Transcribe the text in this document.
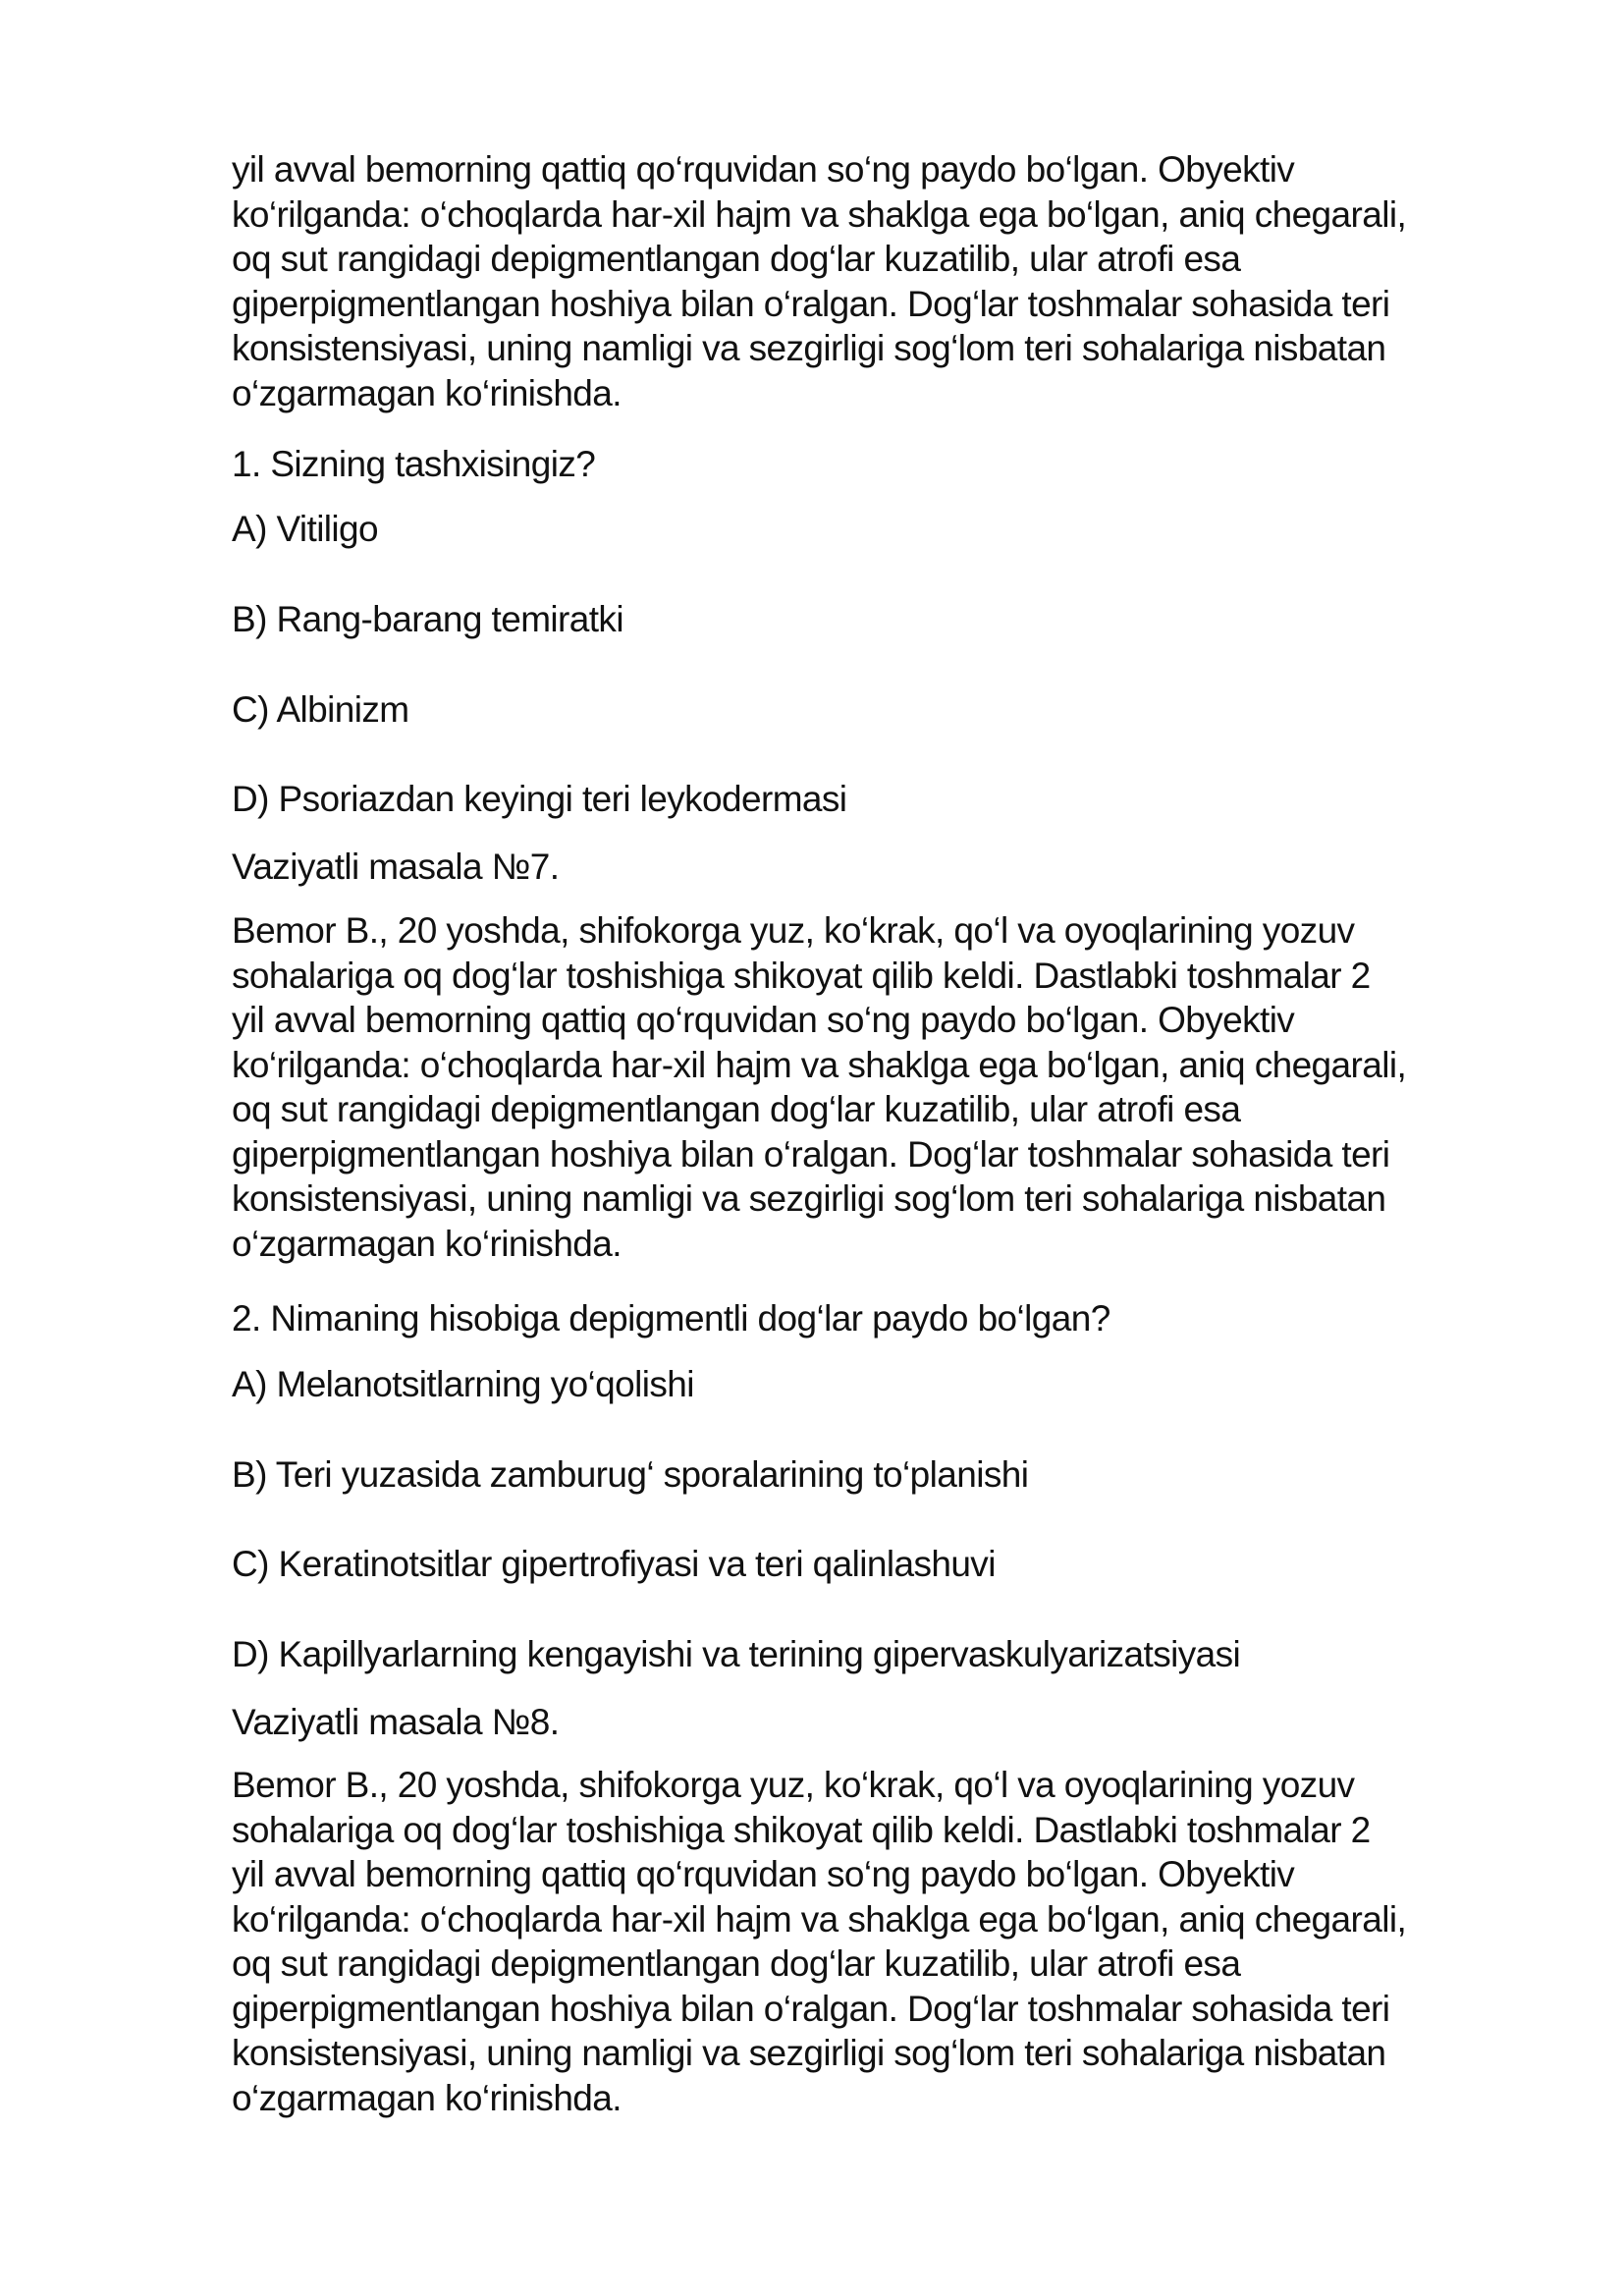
yil avval bemorning qattiq qo‘rquvidan so‘ng paydo bo‘lgan. Obyektiv
ko‘rilganda: o‘choqlarda har-xil hajm va shaklga ega bo‘lgan, aniq chegarali,
oq sut rangidagi depigmentlangan dog‘lar kuzatilib, ular atrofi esa
giperpigmentlangan hoshiya bilan o‘ralgan. Dog‘lar toshmalar sohasida teri
konsistensiyasi, uning namligi va sezgirligi sog‘lom teri sohalariga nisbatan
o‘zgarmagan ko‘rinishda.
1. Sizning tashxisingiz?
A) Vitiligo
B) Rang-barang temiratki
C) Albinizm
D) Psoriazdan keyingi teri leykodermasi
Vaziyatli masala №7.
Bemor B., 20 yoshda, shifokorga yuz, ko‘krak, qo‘l va oyoqlarining yozuv
sohalariga oq dog‘lar toshishiga shikoyat qilib keldi. Dastlabki toshmalar 2
yil avval bemorning qattiq qo‘rquvidan so‘ng paydo bo‘lgan. Obyektiv
ko‘rilganda: o‘choqlarda har-xil hajm va shaklga ega bo‘lgan, aniq chegarali,
oq sut rangidagi depigmentlangan dog‘lar kuzatilib, ular atrofi esa
giperpigmentlangan hoshiya bilan o‘ralgan. Dog‘lar toshmalar sohasida teri
konsistensiyasi, uning namligi va sezgirligi sog‘lom teri sohalariga nisbatan
o‘zgarmagan ko‘rinishda.
2. Nimaning hisobiga depigmentli dog‘lar paydo bo‘lgan?
A) Melanotsitlarning yo‘qolishi
B) Teri yuzasida zamburug‘ sporalarining to‘planishi
C) Keratinotsitlar gipertrofiyasi va teri qalinlashuvi
D) Kapillyarlarning kengayishi va terining gipervaskulyarizatsiyasi
Vaziyatli masala №8.
Bemor B., 20 yoshda, shifokorga yuz, ko‘krak, qo‘l va oyoqlarining yozuv
sohalariga oq dog‘lar toshishiga shikoyat qilib keldi. Dastlabki toshmalar 2
yil avval bemorning qattiq qo‘rquvidan so‘ng paydo bo‘lgan. Obyektiv
ko‘rilganda: o‘choqlarda har-xil hajm va shaklga ega bo‘lgan, aniq chegarali,
oq sut rangidagi depigmentlangan dog‘lar kuzatilib, ular atrofi esa
giperpigmentlangan hoshiya bilan o‘ralgan. Dog‘lar toshmalar sohasida teri
konsistensiyasi, uning namligi va sezgirligi sog‘lom teri sohalariga nisbatan
o‘zgarmagan ko‘rinishda.
